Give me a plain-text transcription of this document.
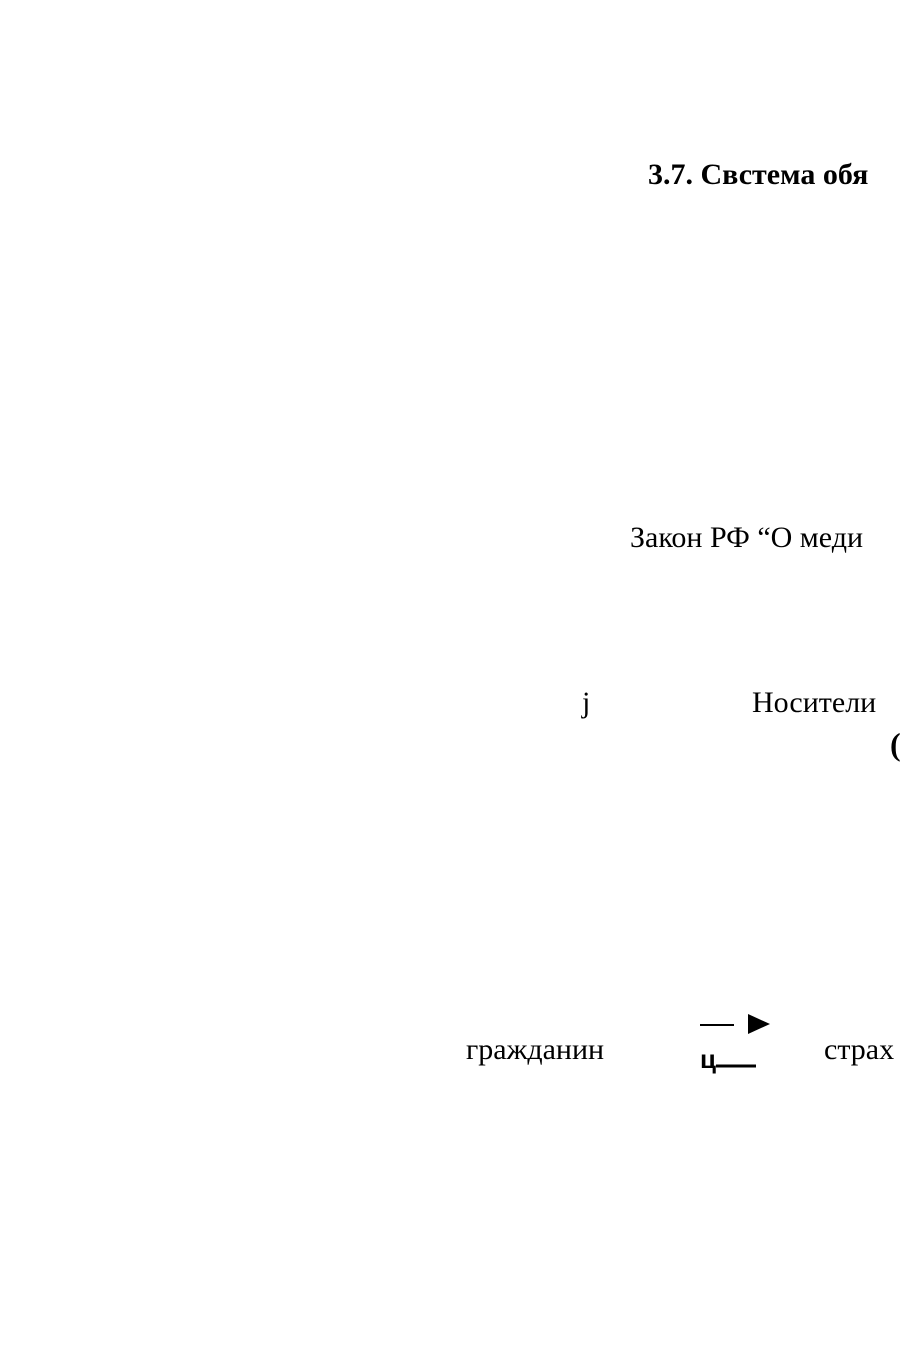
3.7. Свстема обя
Закон РФ “О меди
j	Носители
(
гражданин	ц	страх
